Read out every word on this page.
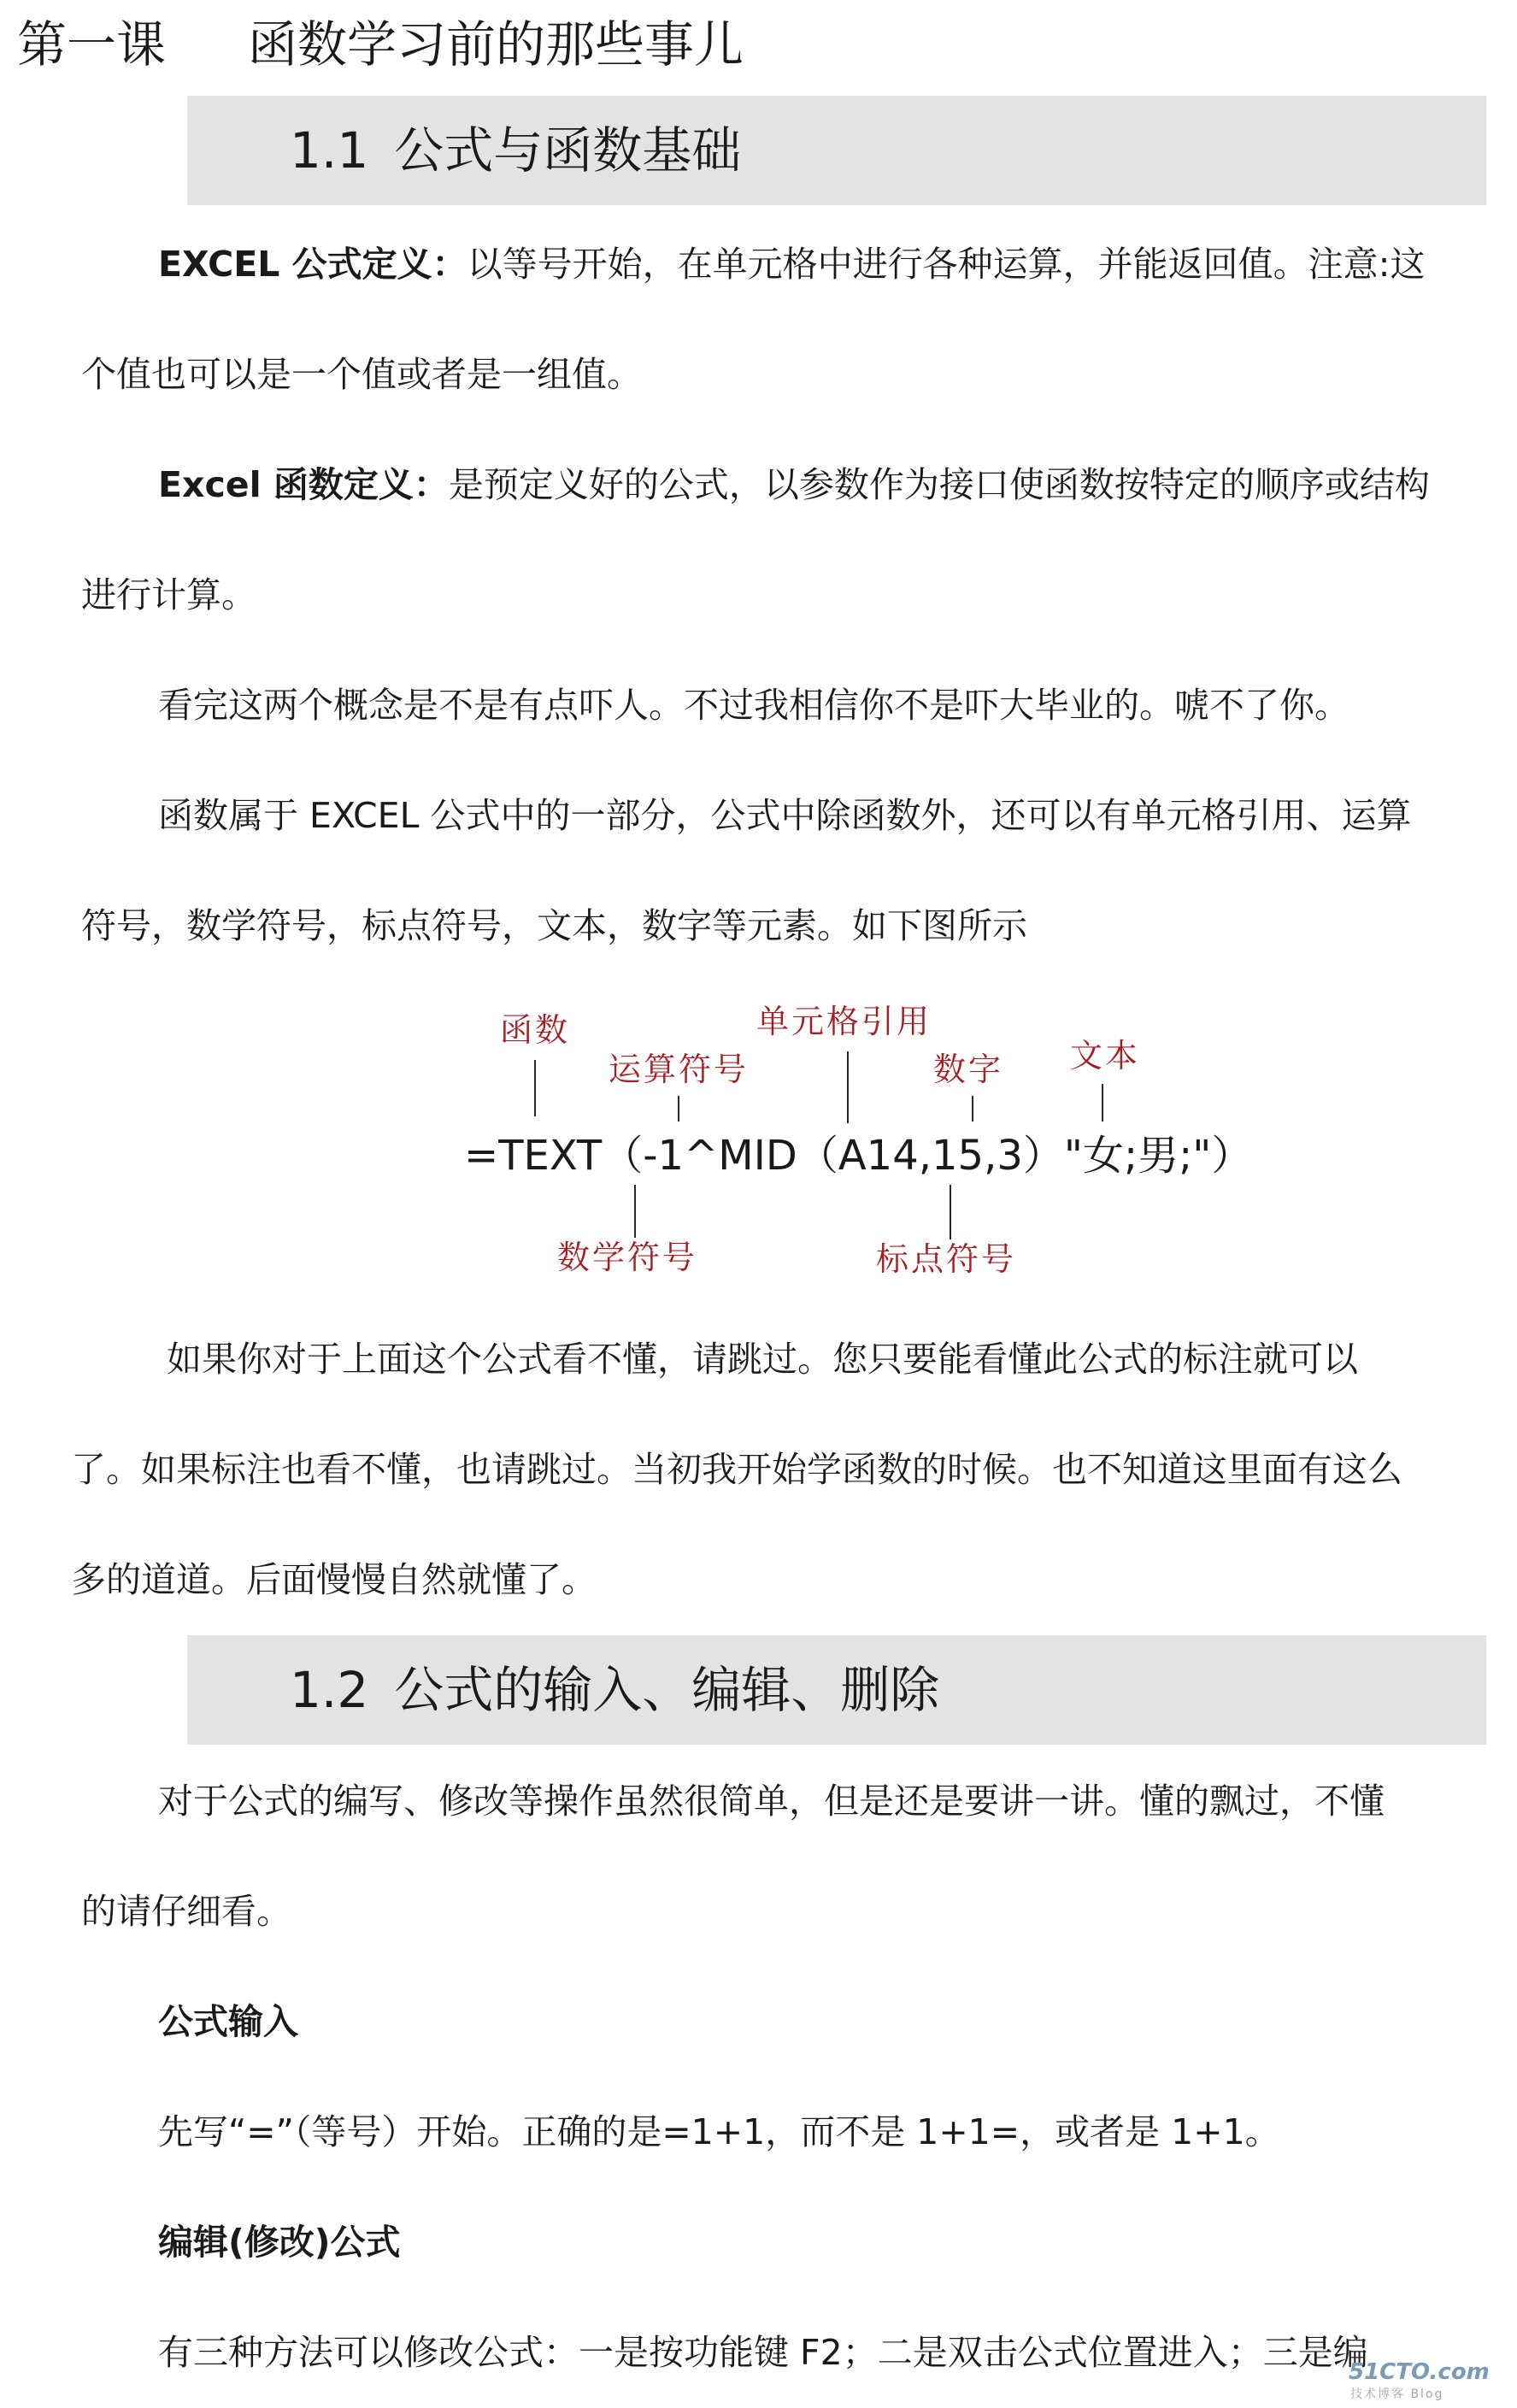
第一课 函数学习前的那些事儿
1.1 公式与函数基础
EXCEL 公式定义：以等号开始，在单元格中进行各种运算，并能返回值。注意:这
个值也可以是一个值或者是一组值。
Excel 函数定义：是预定义好的公式，以参数作为接口使函数按特定的顺序或结构
进行计算。
看完这两个概念是不是有点吓人。不过我相信你不是吓大毕业的。唬不了你。
函数属于 EXCEL 公式中的一部分，公式中除函数外，还可以有单元格引用、运算
符号，数学符号，标点符号，文本，数字等元素。如下图所示
函数
运算符号
单元格引用
数字 文本
=TEXT（-1^MID（A14,15,3）"女;男;"）
数学符号	标点符号
如果你对于上面这个公式看不懂，请跳过。您只要能看懂此公式的标注就可以
了。如果标注也看不懂，也请跳过。当初我开始学函数的时候。也不知道这里面有这么
多的道道。后面慢慢自然就懂了。
1.2 公式的输入、编辑、删除
对于公式的编写、修改等操作虽然很简单，但是还是要讲一讲。懂的飘过，不懂
的请仔细看。
公式输入
先写“=”（等号）开始。正确的是=1+1，而不是 1+1=，或者是 1+1。
编辑(修改)公式
有三种方法可以修改公式：一是按功能键 F2；二是双击公式位置进入；三是编
51CTO.com
技术博客 Blog
